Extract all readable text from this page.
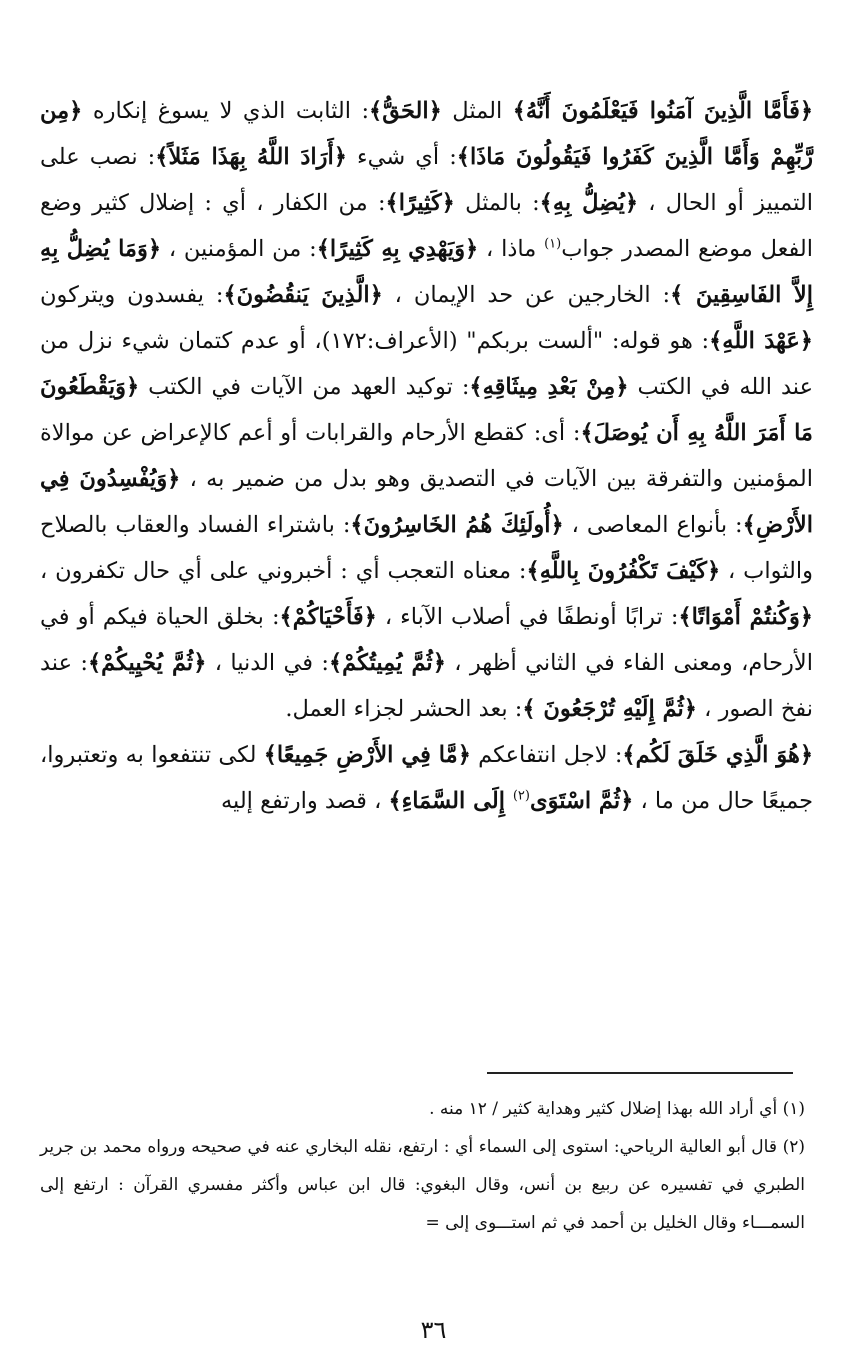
﴿فَأَمَّا الَّذِينَ آمَنُوا فَيَعْلَمُونَ أَنَّهُ﴾ المثل ﴿الحَقُّ﴾: الثابت الذي لا يسوغ إنكاره ﴿مِن رَّبِّهِمْ وَأَمَّا الَّذِينَ كَفَرُوا فَيَقُولُونَ مَاذَا﴾: أي شيء ﴿أَرَادَ اللَّهُ بِهَذَا مَثَلاً﴾: نصب على التمييز أو الحال ، ﴿يُضِلُّ بِهِ﴾: بالمثل ﴿كَثِيرًا﴾: من الكفار ، أي : إضلال كثير وضع الفعل موضع المصدر جواب$^{(١)}$ ماذا ، ﴿وَيَهْدِي بِهِ كَثِيرًا﴾: من المؤمنين ، ﴿وَمَا يُضِلُّ بِهِ إِلاَّ الفَاسِقِينَ ﴾: الخارجين عن حد الإيمان ، ﴿الَّذِينَ يَنقُضُونَ﴾: يفسدون ويتركون ﴿عَهْدَ اللَّهِ﴾: هو قوله: "ألست بربكم" (الأعراف:١٧٢)، أو عدم كتمان شيء نزل من عند الله في الكتب ﴿مِنْ بَعْدِ مِيثَاقِهِ﴾: توكيد العهد من الآيات في الكتب ﴿وَيَقْطَعُونَ مَا أَمَرَ اللَّهُ بِهِ أَن يُوصَلَ﴾: أى: كقطع الأرحام والقرابات أو أعم كالإعراض عن موالاة المؤمنين والتفرقة بين الآيات في التصديق وهو بدل من ضمير به ، ﴿وَيُفْسِدُونَ فِي الأَرْضِ﴾: بأنواع المعاصى ، ﴿أُولَئِكَ هُمُ الخَاسِرُونَ﴾: باشتراء الفساد والعقاب بالصلاح والثواب ، ﴿كَيْفَ تَكْفُرُونَ بِاللَّهِ﴾: معناه التعجب أي : أخبروني على أي حال تكفرون ، ﴿وَكُنتُمْ أَمْوَاتًا﴾: ترابًا أونطفًا في أصلاب الآباء ، ﴿فَأَحْيَاكُمْ﴾: بخلق الحياة فيكم أو في الأرحام، ومعنى الفاء في الثاني أظهر ، ﴿ثُمَّ يُمِيتُكُمْ﴾: في الدنيا ، ﴿ثُمَّ يُحْيِيكُمْ﴾: عند نفخ الصور ، ﴿ثُمَّ إِلَيْهِ تُرْجَعُونَ ﴾: بعد الحشر لجزاء العمل.

﴿هُوَ الَّذِي خَلَقَ لَكُم﴾: لاجل انتفاعكم ﴿مَّا فِي الأَرْضِ جَمِيعًا﴾ لكى تنتفعوا به وتعتبروا، جميعًا حال من ما ، ﴿ثُمَّ اسْتَوَى$^{(٢)}$ إِلَى السَّمَاءِ﴾ ، قصد وارتفع إليه

(١) أي أراد الله بهذا إضلال كثير وهداية كثير / ١٢ منه .

(٢) قال أبو العالية الرياحي: استوى إلى السماء أي : ارتفع، نقله البخاري عنه في صحيحه ورواه محمد بن جرير الطبري في تفسيره عن ربيع بن أنس، وقال البغوي: قال ابن عباس وأكثر مفسري القرآن : ارتفع إلى السمـــاء وقال الخليل بن أحمد في ثم استـــوى إلى =

٣٦
